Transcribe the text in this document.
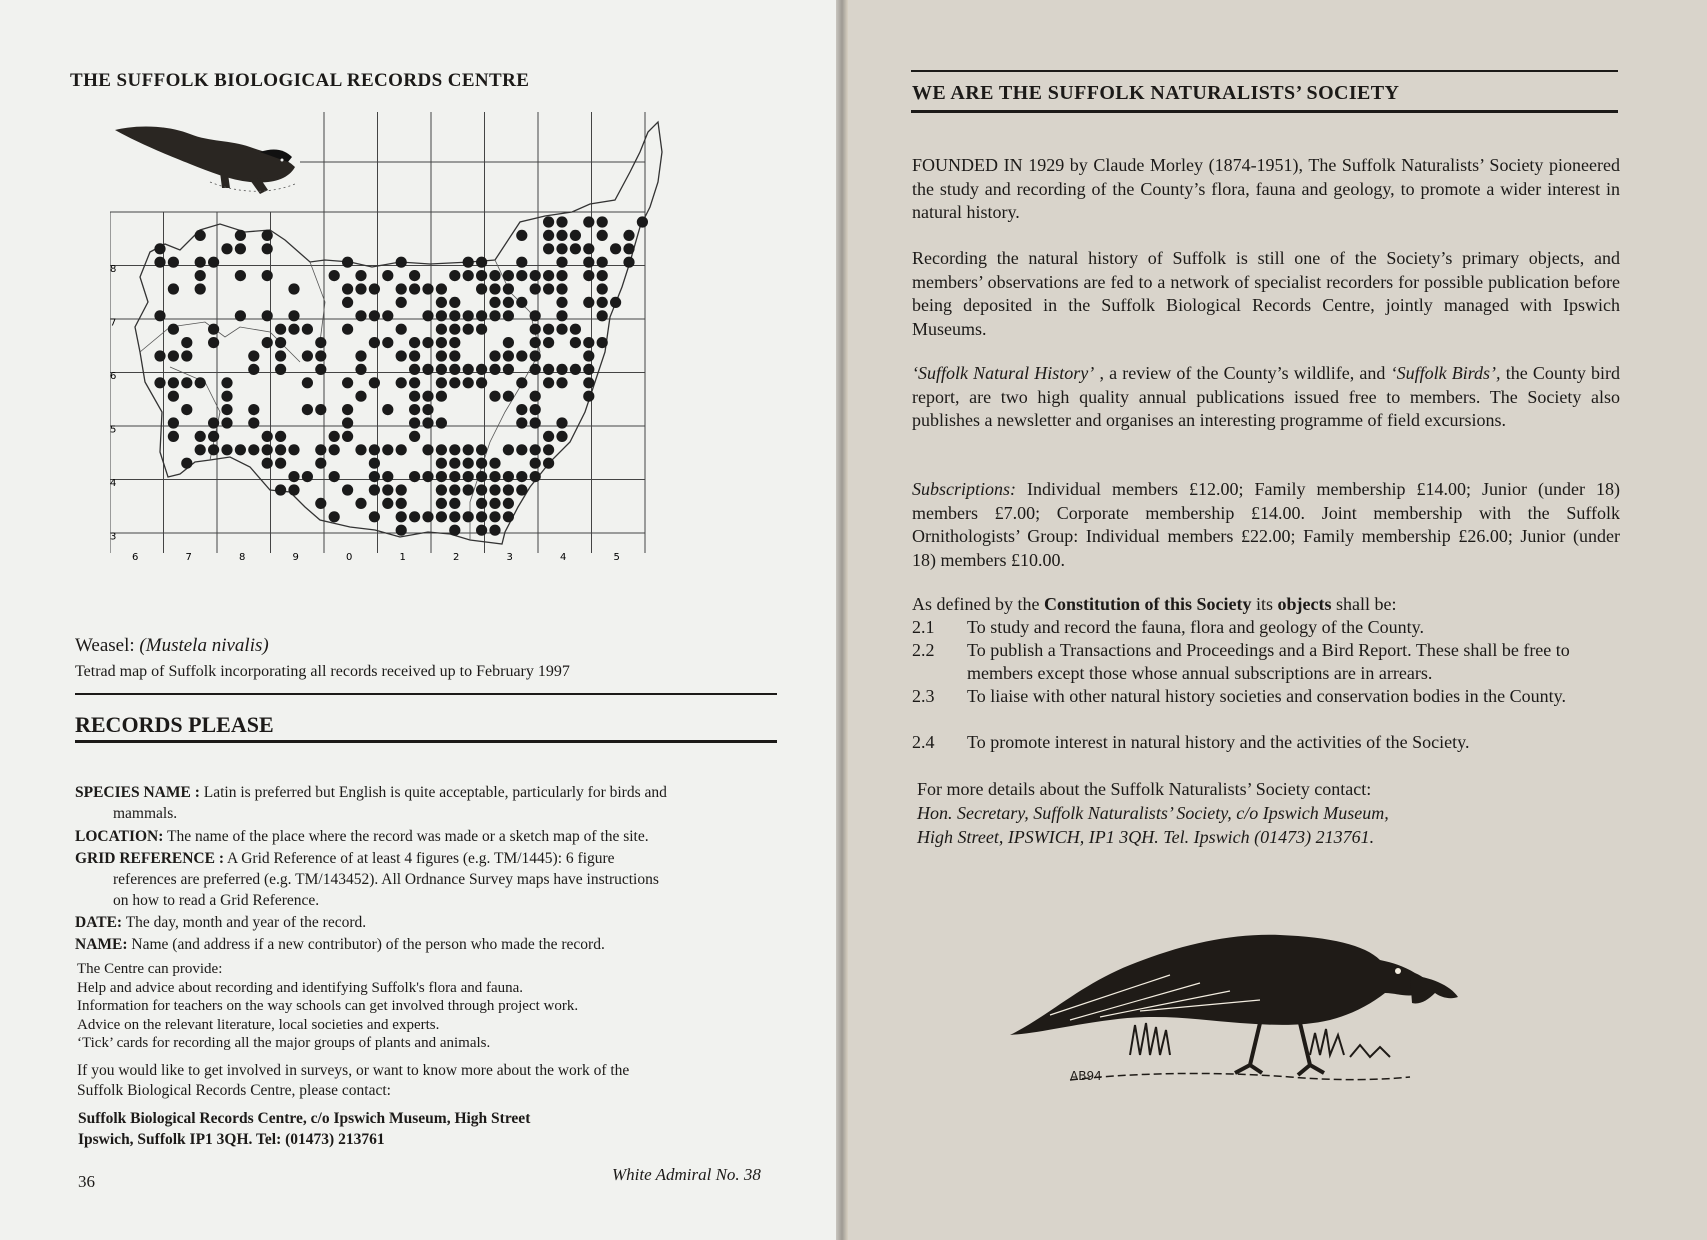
THE SUFFOLK BIOLOGICAL RECORDS CENTRE
6	7	8	9	0	1	2	3	4	5
8
7
6
5
4
3
Weasel: (Mustela nivalis)
Tetrad map of Suffolk incorporating all records received up to February 1997
RECORDS PLEASE
SPECIES NAME : Latin is preferred but English is quite acceptable, particularly for birds and
mammals.
LOCATION: The name of the place where the record was made or a sketch map of the site.
GRID REFERENCE : A Grid Reference of at least 4 figures (e.g. TM/1445): 6 figure
references are preferred (e.g. TM/143452). All Ordnance Survey maps have instructions
on how to read a Grid Reference.
DATE: The day, month and year of the record.
NAME: Name (and address if a new contributor) of the person who made the record.
The Centre can provide:
Help and advice about recording and identifying Suffolk's flora and fauna.
Information for teachers on the way schools can get involved through project work.
Advice on the relevant literature, local societies and experts.
‘Tick’ cards for recording all the major groups of plants and animals.
If you would like to get involved in surveys, or want to know more about the work of the
Suffolk Biological Records Centre, please contact:
Suffolk Biological Records Centre, c/o Ipswich Museum, High Street
Ipswich, Suffolk IP1 3QH. Tel: (01473) 213761
36	White Admiral No. 38
WE ARE THE SUFFOLK NATURALISTS’ SOCIETY
FOUNDED IN 1929 by Claude Morley (1874-1951), The Suffolk Naturalists’ Society pioneered the study and recording of the County’s flora, fauna and geology, to promote a wider interest in natural history.
Recording the natural history of Suffolk is still one of the Society’s primary objects, and members’ observations are fed to a network of specialist recorders for possible publication before being deposited in the Suffolk Biological Records Centre, jointly managed with Ipswich Museums.
‘Suffolk Natural History’ , a review of the County’s wildlife, and ‘Suffolk Birds’, the County bird report, are two high quality annual publications issued free to members. The Society also publishes a newsletter and organises an interesting programme of field excursions.
Subscriptions: Individual members £12.00; Family membership £14.00; Junior (under 18) members £7.00; Corporate membership £14.00. Joint membership with the Suffolk Ornithologists’ Group: Individual members £22.00; Family membership £26.00; Junior (under 18) members £10.00.
As defined by the Constitution of this Society its objects shall be:
2.1	To study and record the fauna, flora and geology of the County.
2.2	To publish a Transactions and Proceedings and a Bird Report. These shall be free to members except those whose annual subscriptions are in arrears.
2.3	To liaise with other natural history societies and conservation bodies in the County.
2.4	To promote interest in natural history and the activities of the Society.
For more details about the Suffolk Naturalists’ Society contact:
Hon. Secretary, Suffolk Naturalists’ Society, c/o Ipswich Museum,
High Street, IPSWICH, IP1 3QH. Tel. Ipswich (01473) 213761.
AB94
